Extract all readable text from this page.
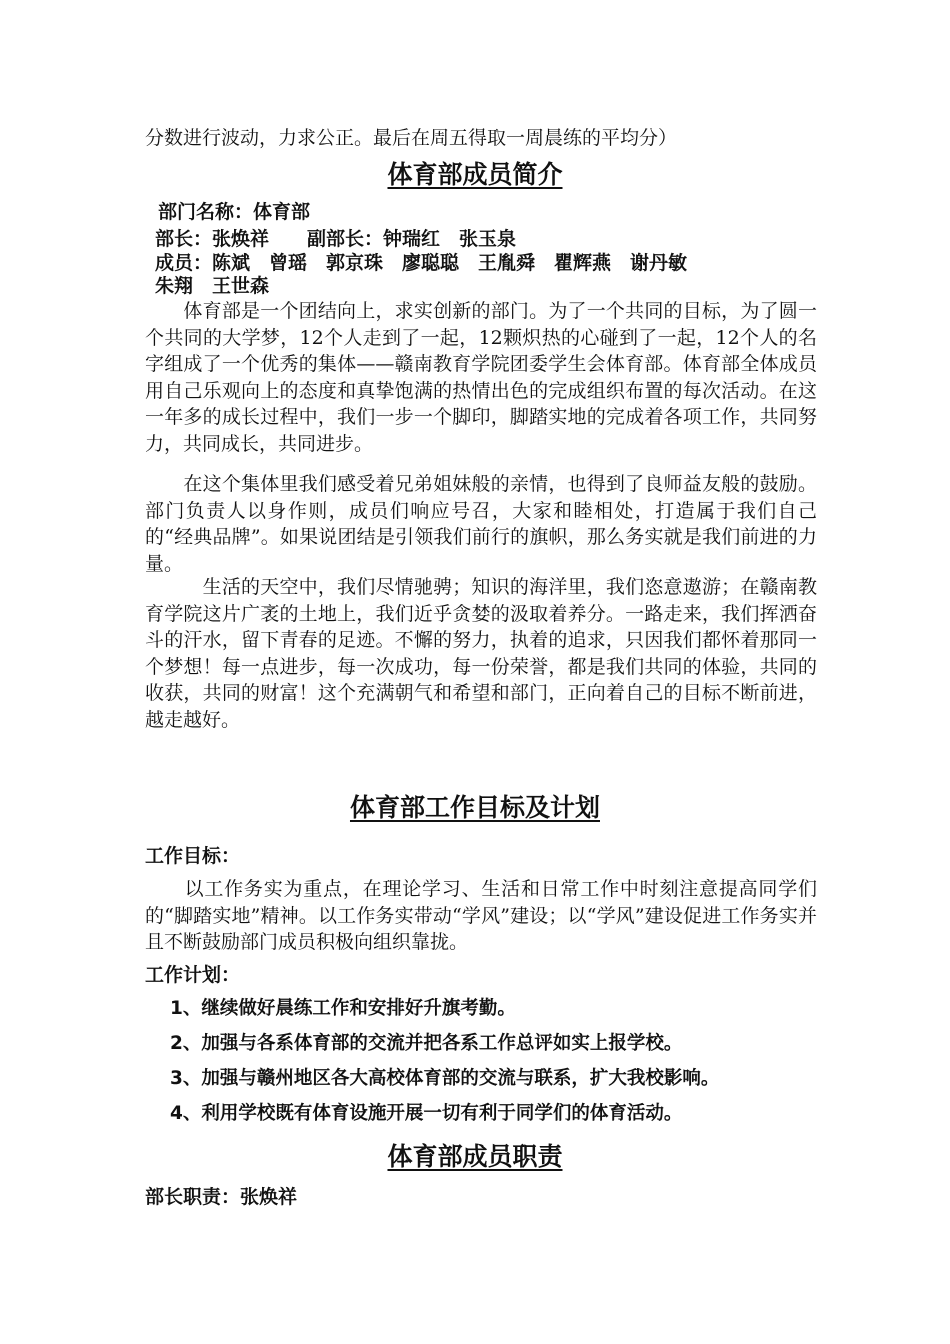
分数进行波动，力求公正。最后在周五得取一周晨练的平均分）
体育部成员简介
部门名称：体育部
部长：张焕祥　　副部长：钟瑞红　张玉泉
成员：陈斌　曾瑶　郭京珠　廖聪聪　王胤舜　瞿辉燕　谢丹敏
朱翔　王世森
　　体育部是一个团结向上，求实创新的部门。为了一个共同的目标，为了圆一个共同的大学梦，12个人走到了一起，12颗炽热的心碰到了一起，12个人的名字组成了一个优秀的集体——赣南教育学院团委学生会体育部。体育部全体成员用自己乐观向上的态度和真挚饱满的热情出色的完成组织布置的每次活动。在这一年多的成长过程中，我们一步一个脚印，脚踏实地的完成着各项工作，共同努力，共同成长，共同进步。
　　在这个集体里我们感受着兄弟姐妹般的亲情，也得到了良师益友般的鼓励。部门负责人以身作则，成员们响应号召，大家和睦相处，打造属于我们自己的“经典品牌”。如果说团结是引领我们前行的旗帜，那么务实就是我们前进的力量。
　　　生活的天空中，我们尽情驰骋；知识的海洋里，我们恣意遨游；在赣南教育学院这片广袤的土地上，我们近乎贪婪的汲取着养分。一路走来，我们挥洒奋斗的汗水，留下青春的足迹。不懈的努力，执着的追求，只因我们都怀着那同一个梦想！每一点进步，每一次成功，每一份荣誉，都是我们共同的体验，共同的收获，共同的财富！这个充满朝气和希望和部门，正向着自己的目标不断前进，越走越好。
体育部工作目标及计划
工作目标：
　　以工作务实为重点，在理论学习、生活和日常工作中时刻注意提高同学们的“脚踏实地”精神。以工作务实带动“学风”建设；以“学风”建设促进工作务实并且不断鼓励部门成员积极向组织靠拢。
工作计划：
1、继续做好晨练工作和安排好升旗考勤。
2、加强与各系体育部的交流并把各系工作总评如实上报学校。
3、加强与赣州地区各大高校体育部的交流与联系，扩大我校影响。
4、利用学校既有体育设施开展一切有利于同学们的体育活动。
体育部成员职责
部长职责：张焕祥
